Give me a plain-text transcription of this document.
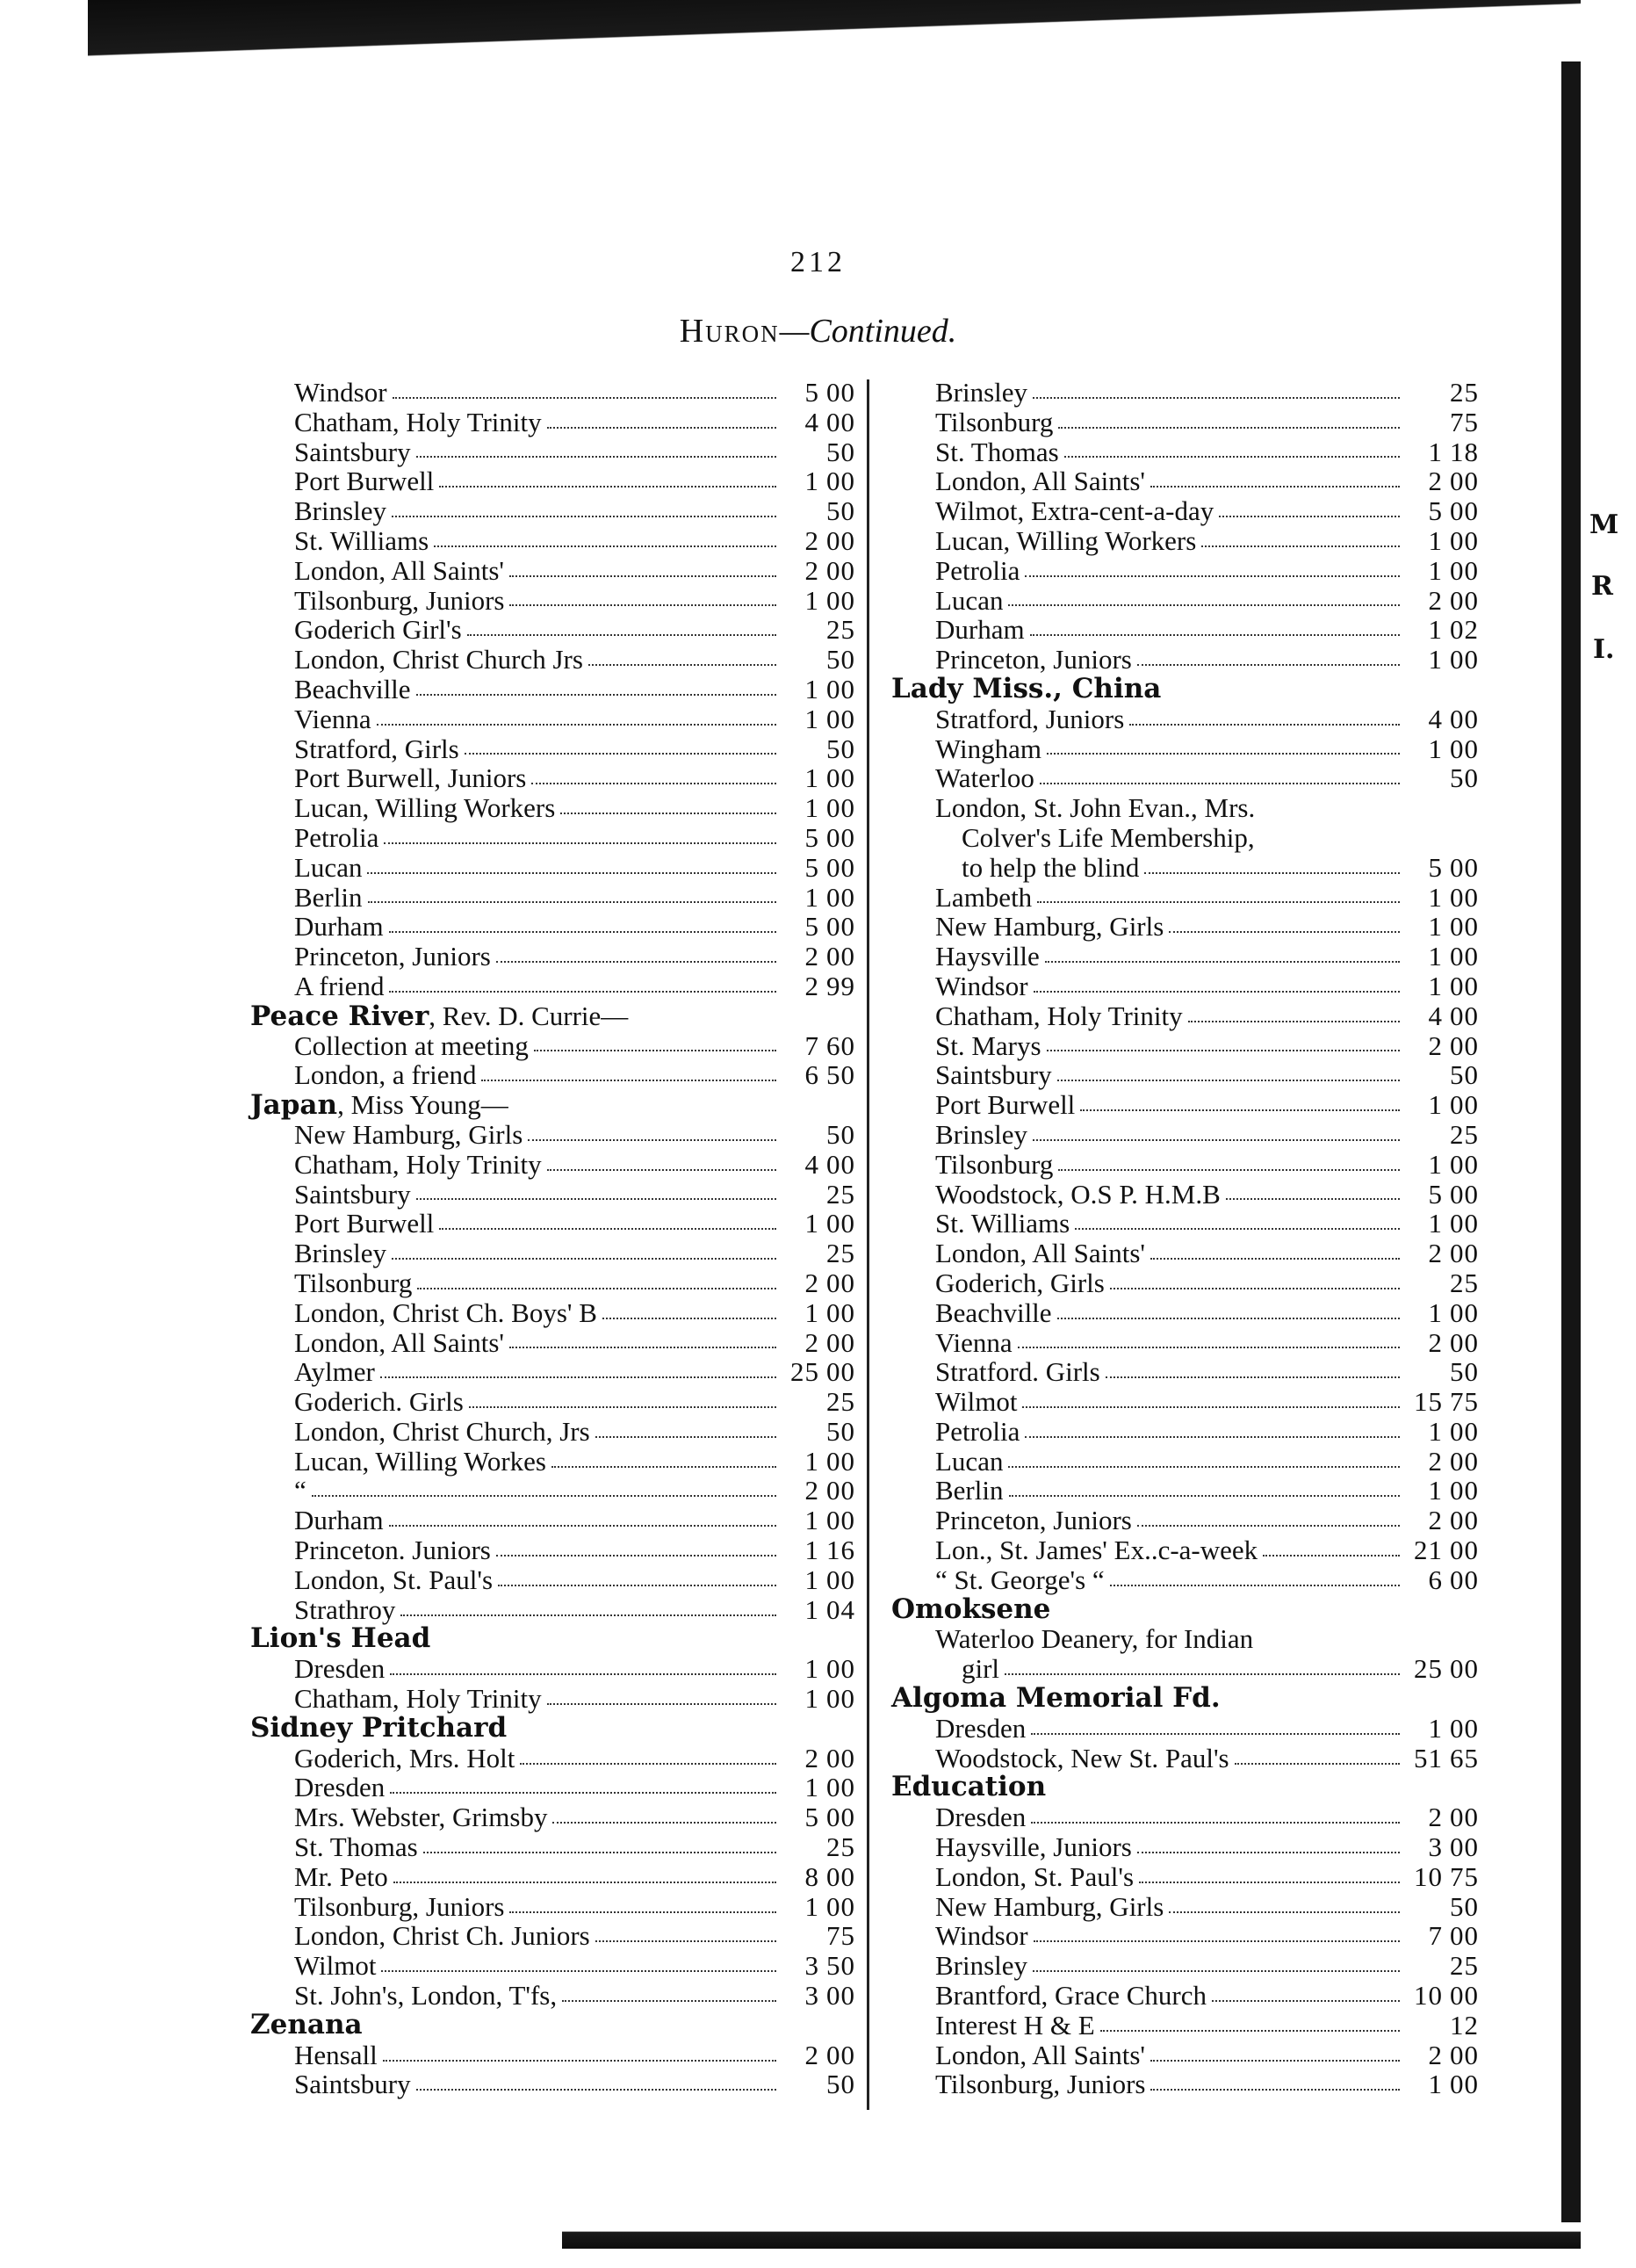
212
Huron—Continued.
Windsor	5 00
Chatham, Holy Trinity	4 00
Saintsbury	50
Port Burwell	1 00
Brinsley	50
St. Williams	2 00
London, All Saints'	2 00
Tilsonburg, Juniors	1 00
Goderich Girl's	25
London, Christ Church Jrs	50
Beachville	1 00
Vienna	1 00
Stratford, Girls	50
Port Burwell, Juniors	1 00
Lucan, Willing Workers	1 00
Petrolia	5 00
Lucan	5 00
Berlin	1 00
Durham	5 00
Princeton, Juniors	2 00
A friend	2 99
Peace River, Rev. D. Currie—
Collection at meeting	7 60
London, a friend	6 50
Japan, Miss Young—
New Hamburg, Girls	50
Chatham, Holy Trinity	4 00
Saintsbury	25
Port Burwell	1 00
Brinsley	25
Tilsonburg	2 00
London, Christ Ch. Boys' B	1 00
London, All Saints'	2 00
Aylmer	25 00
Goderich. Girls	25
London, Christ Church, Jrs	50
Lucan, Willing Workes	1 00
“	2 00
Durham	1 00
Princeton. Juniors	1 16
London, St. Paul's	1 00
Strathroy	1 04
Lion's Head
Dresden	1 00
Chatham, Holy Trinity	1 00
Sidney Pritchard
Goderich, Mrs. Holt	2 00
Dresden	1 00
Mrs. Webster, Grimsby	5 00
St. Thomas	25
Mr. Peto	8 00
Tilsonburg, Juniors	1 00
London, Christ Ch. Juniors	75
Wilmot	3 50
St. John's, London, T'fs,	3 00
Zenana
Hensall	2 00
Saintsbury	50
Brinsley	25
Tilsonburg	75
St. Thomas	1 18
London, All Saints'	2 00
Wilmot, Extra-cent-a-day	5 00
Lucan, Willing Workers	1 00
Petrolia	1 00
Lucan	2 00
Durham	1 02
Princeton, Juniors	1 00
Lady Miss., China
Stratford, Juniors	4 00
Wingham	1 00
Waterloo	50
London, St. John Evan., Mrs.
Colver's Life Membership,
to help the blind	5 00
Lambeth	1 00
New Hamburg, Girls	1 00
Haysville	1 00
Windsor	1 00
Chatham, Holy Trinity	4 00
St. Marys	2 00
Saintsbury	50
Port Burwell	1 00
Brinsley	25
Tilsonburg	1 00
Woodstock, O.S P. H.M.B	5 00
St. Williams	1 00
London, All Saints'	2 00
Goderich, Girls	25
Beachville	1 00
Vienna	2 00
Stratford. Girls	50
Wilmot	15 75
Petrolia	1 00
Lucan	2 00
Berlin	1 00
Princeton, Juniors	2 00
Lon., St. James' Ex..c-a-week	21 00
“ St. George's “	6 00
Omoksene
Waterloo Deanery, for Indian
girl	25 00
Algoma Memorial Fd.
Dresden	1 00
Woodstock, New St. Paul's	51 65
Education
Dresden	2 00
Haysville, Juniors	3 00
London, St. Paul's	10 75
New Hamburg, Girls	50
Windsor	7 00
Brinsley	25
Brantford, Grace Church	10 00
Interest H & E	12
London, All Saints'	2 00
Tilsonburg, Juniors	1 00
M
R
I.
